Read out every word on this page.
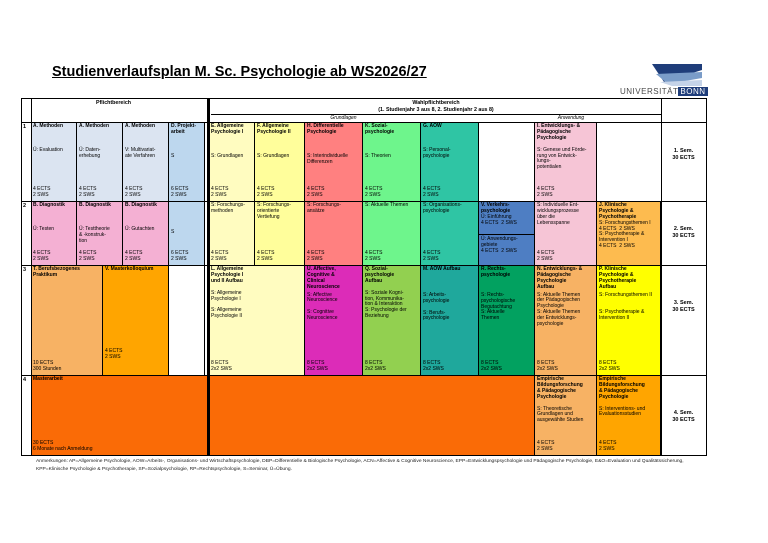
Studienverlaufsplan M. Sc. Psychologie ab WS2026/27
UNIVERSITÄT BONN
Pflichtbereich	Wahlpflichtbereich
(1. Studienjahr 3 aus 8, 2. Studienjahr 2 aus 8)
Grundlagen	Anwendung
A. Methoden
Ü: Evaluation
4 ECTS
2 SWS
A. Methoden
Ü: Daten-
erhebung
4 ECTS
2 SWS
A. Methoden
V: Multivariat-
ate Verfahren
4 ECTS
2 SWS
D. Projekt-
arbeit
S
6 ECTS
2 SWS
E. Allgemeine
Psychologie I
S: Grundlagen
4 ECTS
2 SWS
F. Allgemeine
Psychologie II
S: Grundlagen
4 ECTS
2 SWS
H. Differentielle
Psychologie
S: Interindividuelle
Differenzen
4 ECTS
2 SWS
K. Sozial-
psychologie
S: Theorien
4 ECTS
2 SWS
G. AOW
S: Personal-
psychologie
4 ECTS
2 SWS
I. Entwicklungs- &
Pädagogische
Psychologie
S: Genese und Förde-
rung von Entwick-
lungs-
potentialen
4 ECTS
2 SWS
B. Diagnostik
Ü: Testen
4 ECTS
2 SWS
B. Diagnostik
Ü: Testtheorie
& -konstruk-
tion
4 ECTS
2 SWS
B. Diagnostik
Ü: Gutachten
4 ECTS
2 SWS
S
6 ECTS
2 SWS
S: Forschungs-
methoden
4 ECTS
2 SWS
S: Forschungs-
orientierte
Vertiefung
4 ECTS
2 SWS
S: Forschungs-
ansätze
4 ECTS
2 SWS
S: Aktuelle Themen
4 ECTS
2 SWS
S: Organisations-
psychologie
4 ECTS
2 SWS
V. Verkehrs-
psychologie
Ü: Einführung
4 ECTS  2 SWS
Ü: Anwendungs-
gebiete
4 ECTS  2 SWS
S: Individuelle Ent-
wicklungsprozesse
über die
Lebensspanne
4 ECTS
2 SWS
J. Klinische
Psychologie &
Psychotherapie
S: Forschungsthemen I
4 ECTS  2 SWS
S: Psychotherapie &
Intervention I
4 ECTS  2 SWS
T. Berufsbezogenes
Praktikum
10 ECTS
300 Stunden
V. Masterkolloquium
4 ECTS
2 SWS
L. Allgemeine
Psychologie I
und II Aufbau
S: Allgemeine
Psychologie I

S: Allgemeine
Psychologie II
8 ECTS
2x2 SWS
U. Affective,
Cognitive &
Clinical
Neuroscience
S: Affective
Neuroscience

S: Cognitive
Neuroscience
8 ECTS
2x2 SWS
Q. Sozial-
psychologie
Aufbau
S: Soziale Kogni-
tion, Kommunika-
tion & Interaktion
S: Psychologie der
Beziehung
8 ECTS
2x2 SWS
M. AOW Aufbau
S: Arbeits-
psychologie

S: Berufs-
psychologie
8 ECTS
2x2 SWS
R. Rechts-
psychologie
S: Rechts-
psychologische
Begutachtung
S: Aktuelle
Themen
8 ECTS
2x2 SWS
N. Entwicklungs- &
Pädagogische
Psychologie
Aufbau
S: Aktuelle Themen
der Pädagogischen
Psychologie
S: Aktuelle Themen
der Entwicklungs-
psychologie
8 ECTS
2x2 SWS
P. Klinische
Psychologie &
Psychotherapie
Aufbau
S: Forschungsthemen II

S: Psychotherapie &
Intervention II
8 ECTS
2x2 SWS
Masterarbeit
30 ECTS
6 Monate nach Anmeldung
Empirische
Bildungsforschung
& Pädagogische
Psychologie
S: Theoretische
Grundlagen und
ausgewählte Studien
4 ECTS
2 SWS
Empirische
Bildungsforschung
& Pädagogische
Psychologie
S: Interventions- und
Evaluationsstudien
4 ECTS
2 SWS
1
2
3
4
1. Sem.
30 ECTS
2. Sem.
30 ECTS
3. Sem.
30 ECTS
4. Sem.
30 ECTS
Anmerkungen: AP=Allgemeine Psychologie, AOW=Arbeits-, Organisations- und Wirtschaftspsychologie, DBP=Differentielle & Biologische Psychologie, ACN=Affective & Cognitive Neuroscience, EPP=Entwicklungspsychologie und Pädagogische Psychologie, E&O=Evaluation und Qualitätssicherung, KPP=Klinische Psychologie & Psychotherapie, SP=Sozialpsychologie, RP=Rechtspsychologie, S=Seminar, Ü=Übung.
